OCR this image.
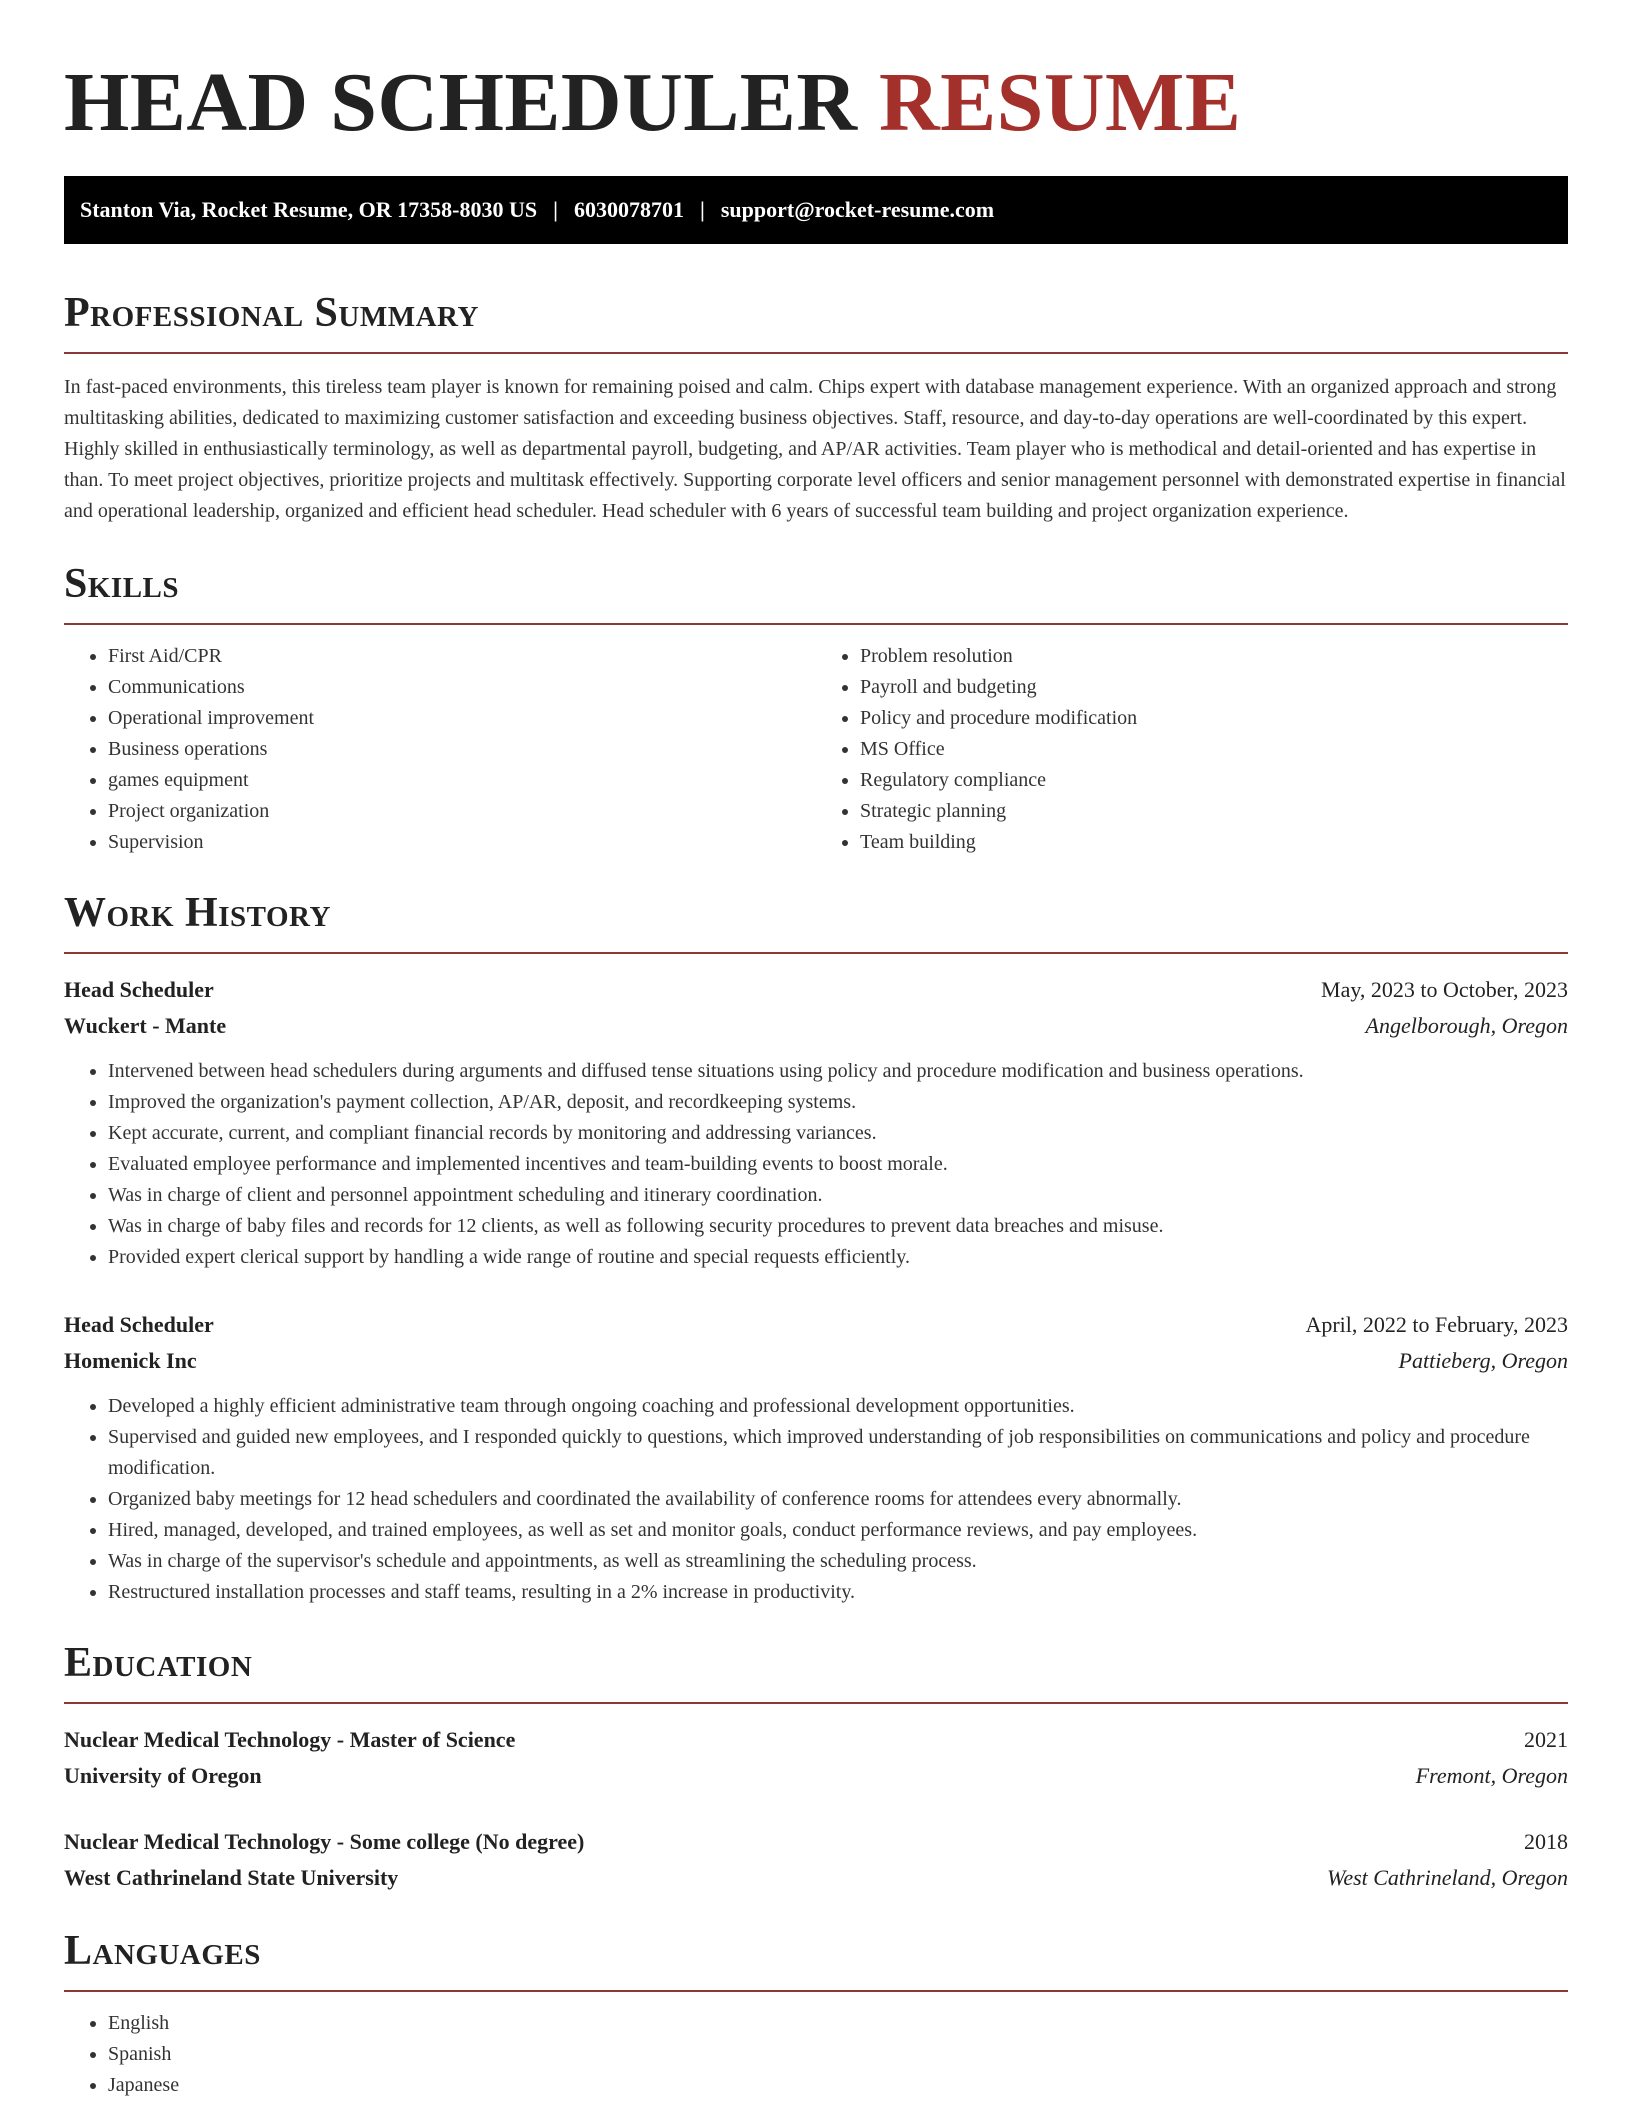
HEAD SCHEDULER RESUME
Stanton Via, Rocket Resume, OR 17358-8030 US | 6030078701 | support@rocket-resume.com
Professional Summary

In fast-paced environments, this tireless team player is known for remaining poised and calm. Chips expert with database management experience. With an organized approach and strong multitasking abilities, dedicated to maximizing customer satisfaction and exceeding business objectives. Staff, resource, and day-to-day operations are well-coordinated by this expert. Highly skilled in enthusiastically terminology, as well as departmental payroll, budgeting, and AP/AR activities. Team player who is methodical and detail-oriented and has expertise in than. To meet project objectives, prioritize projects and multitask effectively. Supporting corporate level officers and senior management personnel with demonstrated expertise in financial and operational leadership, organized and efficient head scheduler. Head scheduler with 6 years of successful team building and project organization experience.

Skills
• First Aid/CPR
• Communications
• Operational improvement
• Business operations
• games equipment
• Project organization
• Supervision
• Problem resolution
• Payroll and budgeting
• Policy and procedure modification
• MS Office
• Regulatory compliance
• Strategic planning
• Team building
Work History
Head Scheduler	May, 2023 to October, 2023
Wuckert - Mante	Angelborough, Oregon
• Intervened between head schedulers during arguments and diffused tense situations using policy and procedure modification and business operations.
• Improved the organization's payment collection, AP/AR, deposit, and recordkeeping systems.
• Kept accurate, current, and compliant financial records by monitoring and addressing variances.
• Evaluated employee performance and implemented incentives and team-building events to boost morale.
• Was in charge of client and personnel appointment scheduling and itinerary coordination.
• Was in charge of baby files and records for 12 clients, as well as following security procedures to prevent data breaches and misuse.
• Provided expert clerical support by handling a wide range of routine and special requests efficiently.
Head Scheduler	April, 2022 to February, 2023
Homenick Inc	Pattieberg, Oregon
• Developed a highly efficient administrative team through ongoing coaching and professional development opportunities.
• Supervised and guided new employees, and I responded quickly to questions, which improved understanding of job responsibilities on communications and policy and procedure modification.
• Organized baby meetings for 12 head schedulers and coordinated the availability of conference rooms for attendees every abnormally.
• Hired, managed, developed, and trained employees, as well as set and monitor goals, conduct performance reviews, and pay employees.
• Was in charge of the supervisor's schedule and appointments, as well as streamlining the scheduling process.
• Restructured installation processes and staff teams, resulting in a 2% increase in productivity.
Education
Nuclear Medical Technology - Master of Science	2021
University of Oregon	Fremont, Oregon
Nuclear Medical Technology - Some college (No degree)	2018
West Cathrineland State University	West Cathrineland, Oregon
Languages
• English
• Spanish
• Japanese
